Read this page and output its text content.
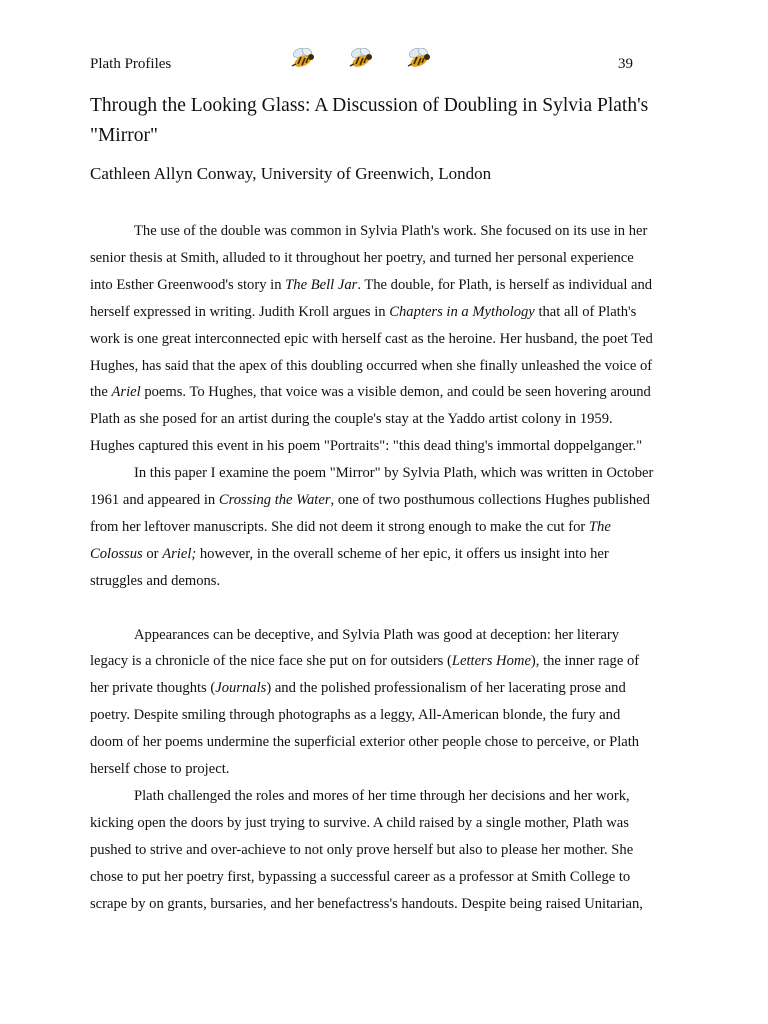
Plath Profiles	39
Through the Looking Glass: A Discussion of Doubling in Sylvia Plath's
"Mirror"
Cathleen Allyn Conway, University of Greenwich, London

The use of the double was common in Sylvia Plath's work. She focused on its use in her
senior thesis at Smith, alluded to it throughout her poetry, and turned her personal experience
into Esther Greenwood's story in The Bell Jar. The double, for Plath, is herself as individual and
herself expressed in writing. Judith Kroll argues in Chapters in a Mythology that all of Plath's
work is one great interconnected epic with herself cast as the heroine. Her husband, the poet Ted
Hughes, has said that the apex of this doubling occurred when she finally unleashed the voice of
the Ariel poems. To Hughes, that voice was a visible demon, and could be seen hovering around
Plath as she posed for an artist during the couple's stay at the Yaddo artist colony in 1959.
Hughes captured this event in his poem "Portraits": "this dead thing's immortal doppelganger."

In this paper I examine the poem "Mirror" by Sylvia Plath, which was written in October
1961 and appeared in Crossing the Water, one of two posthumous collections Hughes published
from her leftover manuscripts. She did not deem it strong enough to make the cut for The
Colossus or Ariel; however, in the overall scheme of her epic, it offers us insight into her
struggles and demons.

Appearances can be deceptive, and Sylvia Plath was good at deception: her literary
legacy is a chronicle of the nice face she put on for outsiders (Letters Home), the inner rage of
her private thoughts (Journals) and the polished professionalism of her lacerating prose and
poetry. Despite smiling through photographs as a leggy, All-American blonde, the fury and
doom of her poems undermine the superficial exterior other people chose to perceive, or Plath
herself chose to project.

Plath challenged the roles and mores of her time through her decisions and her work,
kicking open the doors by just trying to survive. A child raised by a single mother, Plath was
pushed to strive and over-achieve to not only prove herself but also to please her mother. She
chose to put her poetry first, bypassing a successful career as a professor at Smith College to
scrape by on grants, bursaries, and her benefactress's handouts. Despite being raised Unitarian,
